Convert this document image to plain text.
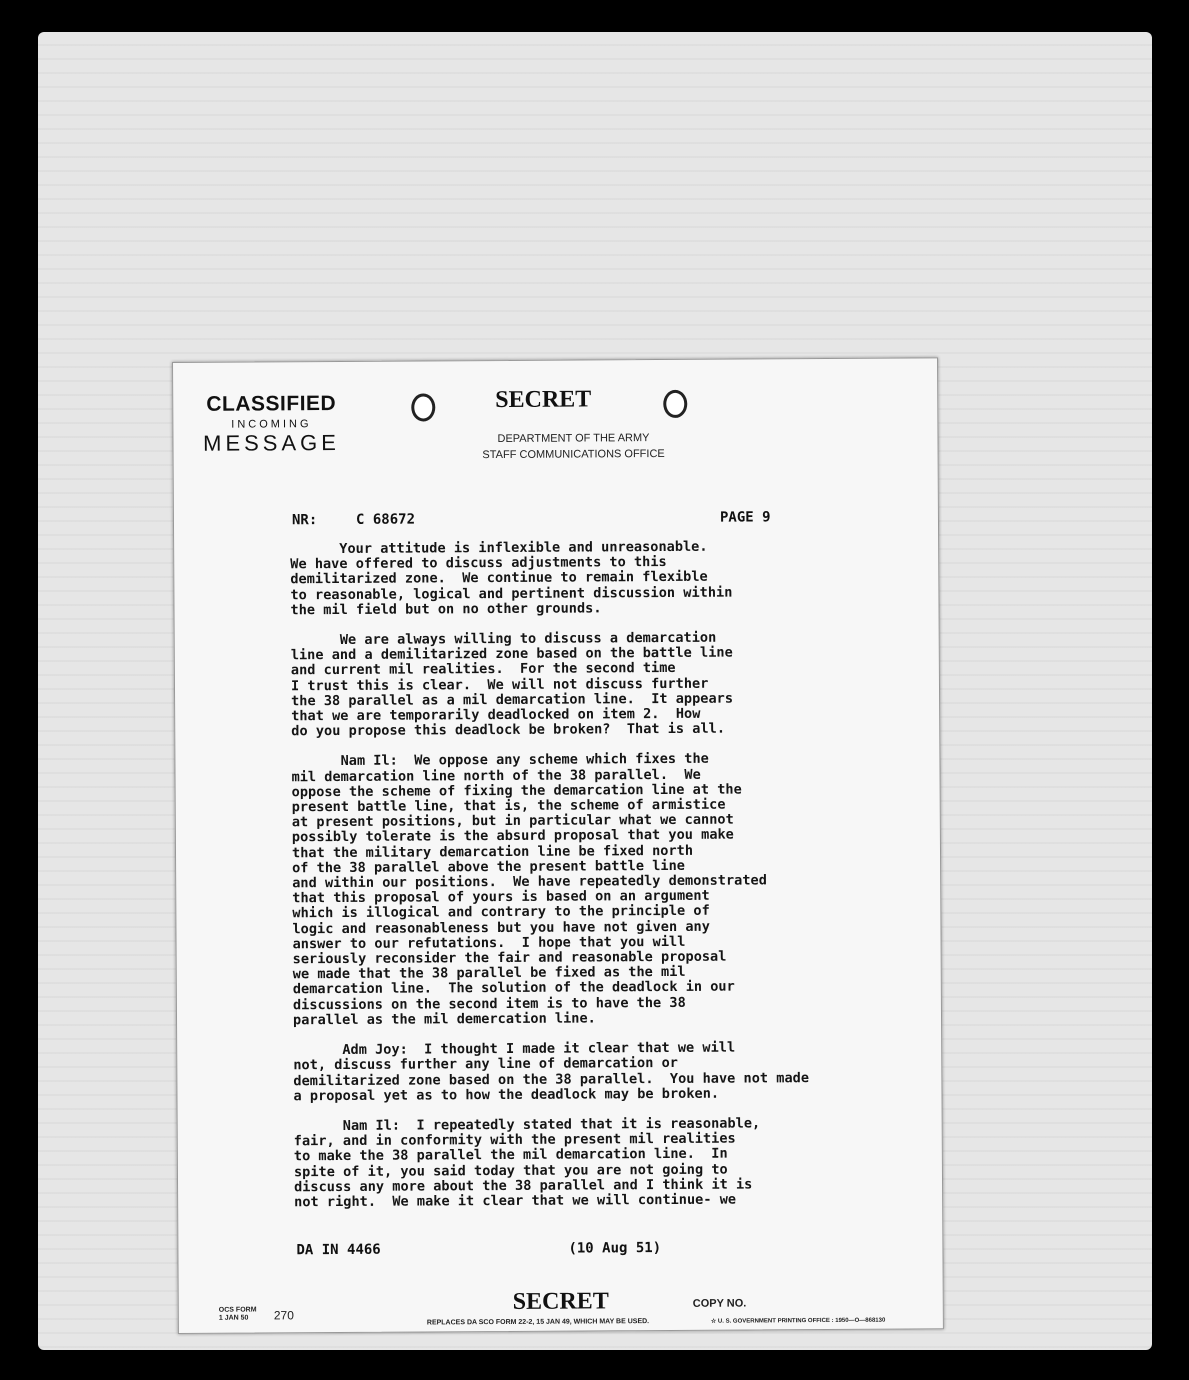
CLASSIFIED
INCOMING
MESSAGE
SECRET
DEPARTMENT OF THE ARMY
STAFF COMMUNICATIONS OFFICE
NR:	C 68672	PAGE 9

Your attitude is inflexible and unreasonable.
We have offered to discuss adjustments to this
demilitarized zone.  We continue to remain flexible
to reasonable, logical and pertinent discussion within
the mil field but on no other grounds.

We are always willing to discuss a demarcation
line and a demilitarized zone based on the battle line
and current mil realities.  For the second time
I trust this is clear.  We will not discuss further
the 38 parallel as a mil demarcation line.  It appears
that we are temporarily deadlocked on item 2.  How
do you propose this deadlock be broken?  That is all.

Nam Il:  We oppose any scheme which fixes the
mil demarcation line north of the 38 parallel.  We
oppose the scheme of fixing the demarcation line at the
present battle line, that is, the scheme of armistice
at present positions, but in particular what we cannot
possibly tolerate is the absurd proposal that you make
that the military demarcation line be fixed north
of the 38 parallel above the present battle line
and within our positions.  We have repeatedly demonstrated
that this proposal of yours is based on an argument
which is illogical and contrary to the principle of
logic and reasonableness but you have not given any
answer to our refutations.  I hope that you will
seriously reconsider the fair and reasonable proposal
we made that the 38 parallel be fixed as the mil
demarcation line.  The solution of the deadlock in our
discussions on the second item is to have the 38
parallel as the mil demercation line.

Adm Joy:  I thought I made it clear that we will
not, discuss further any line of demarcation or
demilitarized zone based on the 38 parallel.  You have not made
a proposal yet as to how the deadlock may be broken.

Nam Il:  I repeatedly stated that it is reasonable,
fair, and in conformity with the present mil realities
to make the 38 parallel the mil demarcation line.  In
spite of it, you said today that you are not going to
discuss any more about the 38 parallel and I think it is
not right.  We make it clear that we will continue- we

DA IN 4466	(10 Aug 51)
SECRET	COPY NO.
OCS FORM
1 JAN 50	270	REPLACES DA SCO FORM 22-2, 15 JAN 49, WHICH MAY BE USED.	☆ U. S. GOVERNMENT PRINTING OFFICE : 1950—O—868130
